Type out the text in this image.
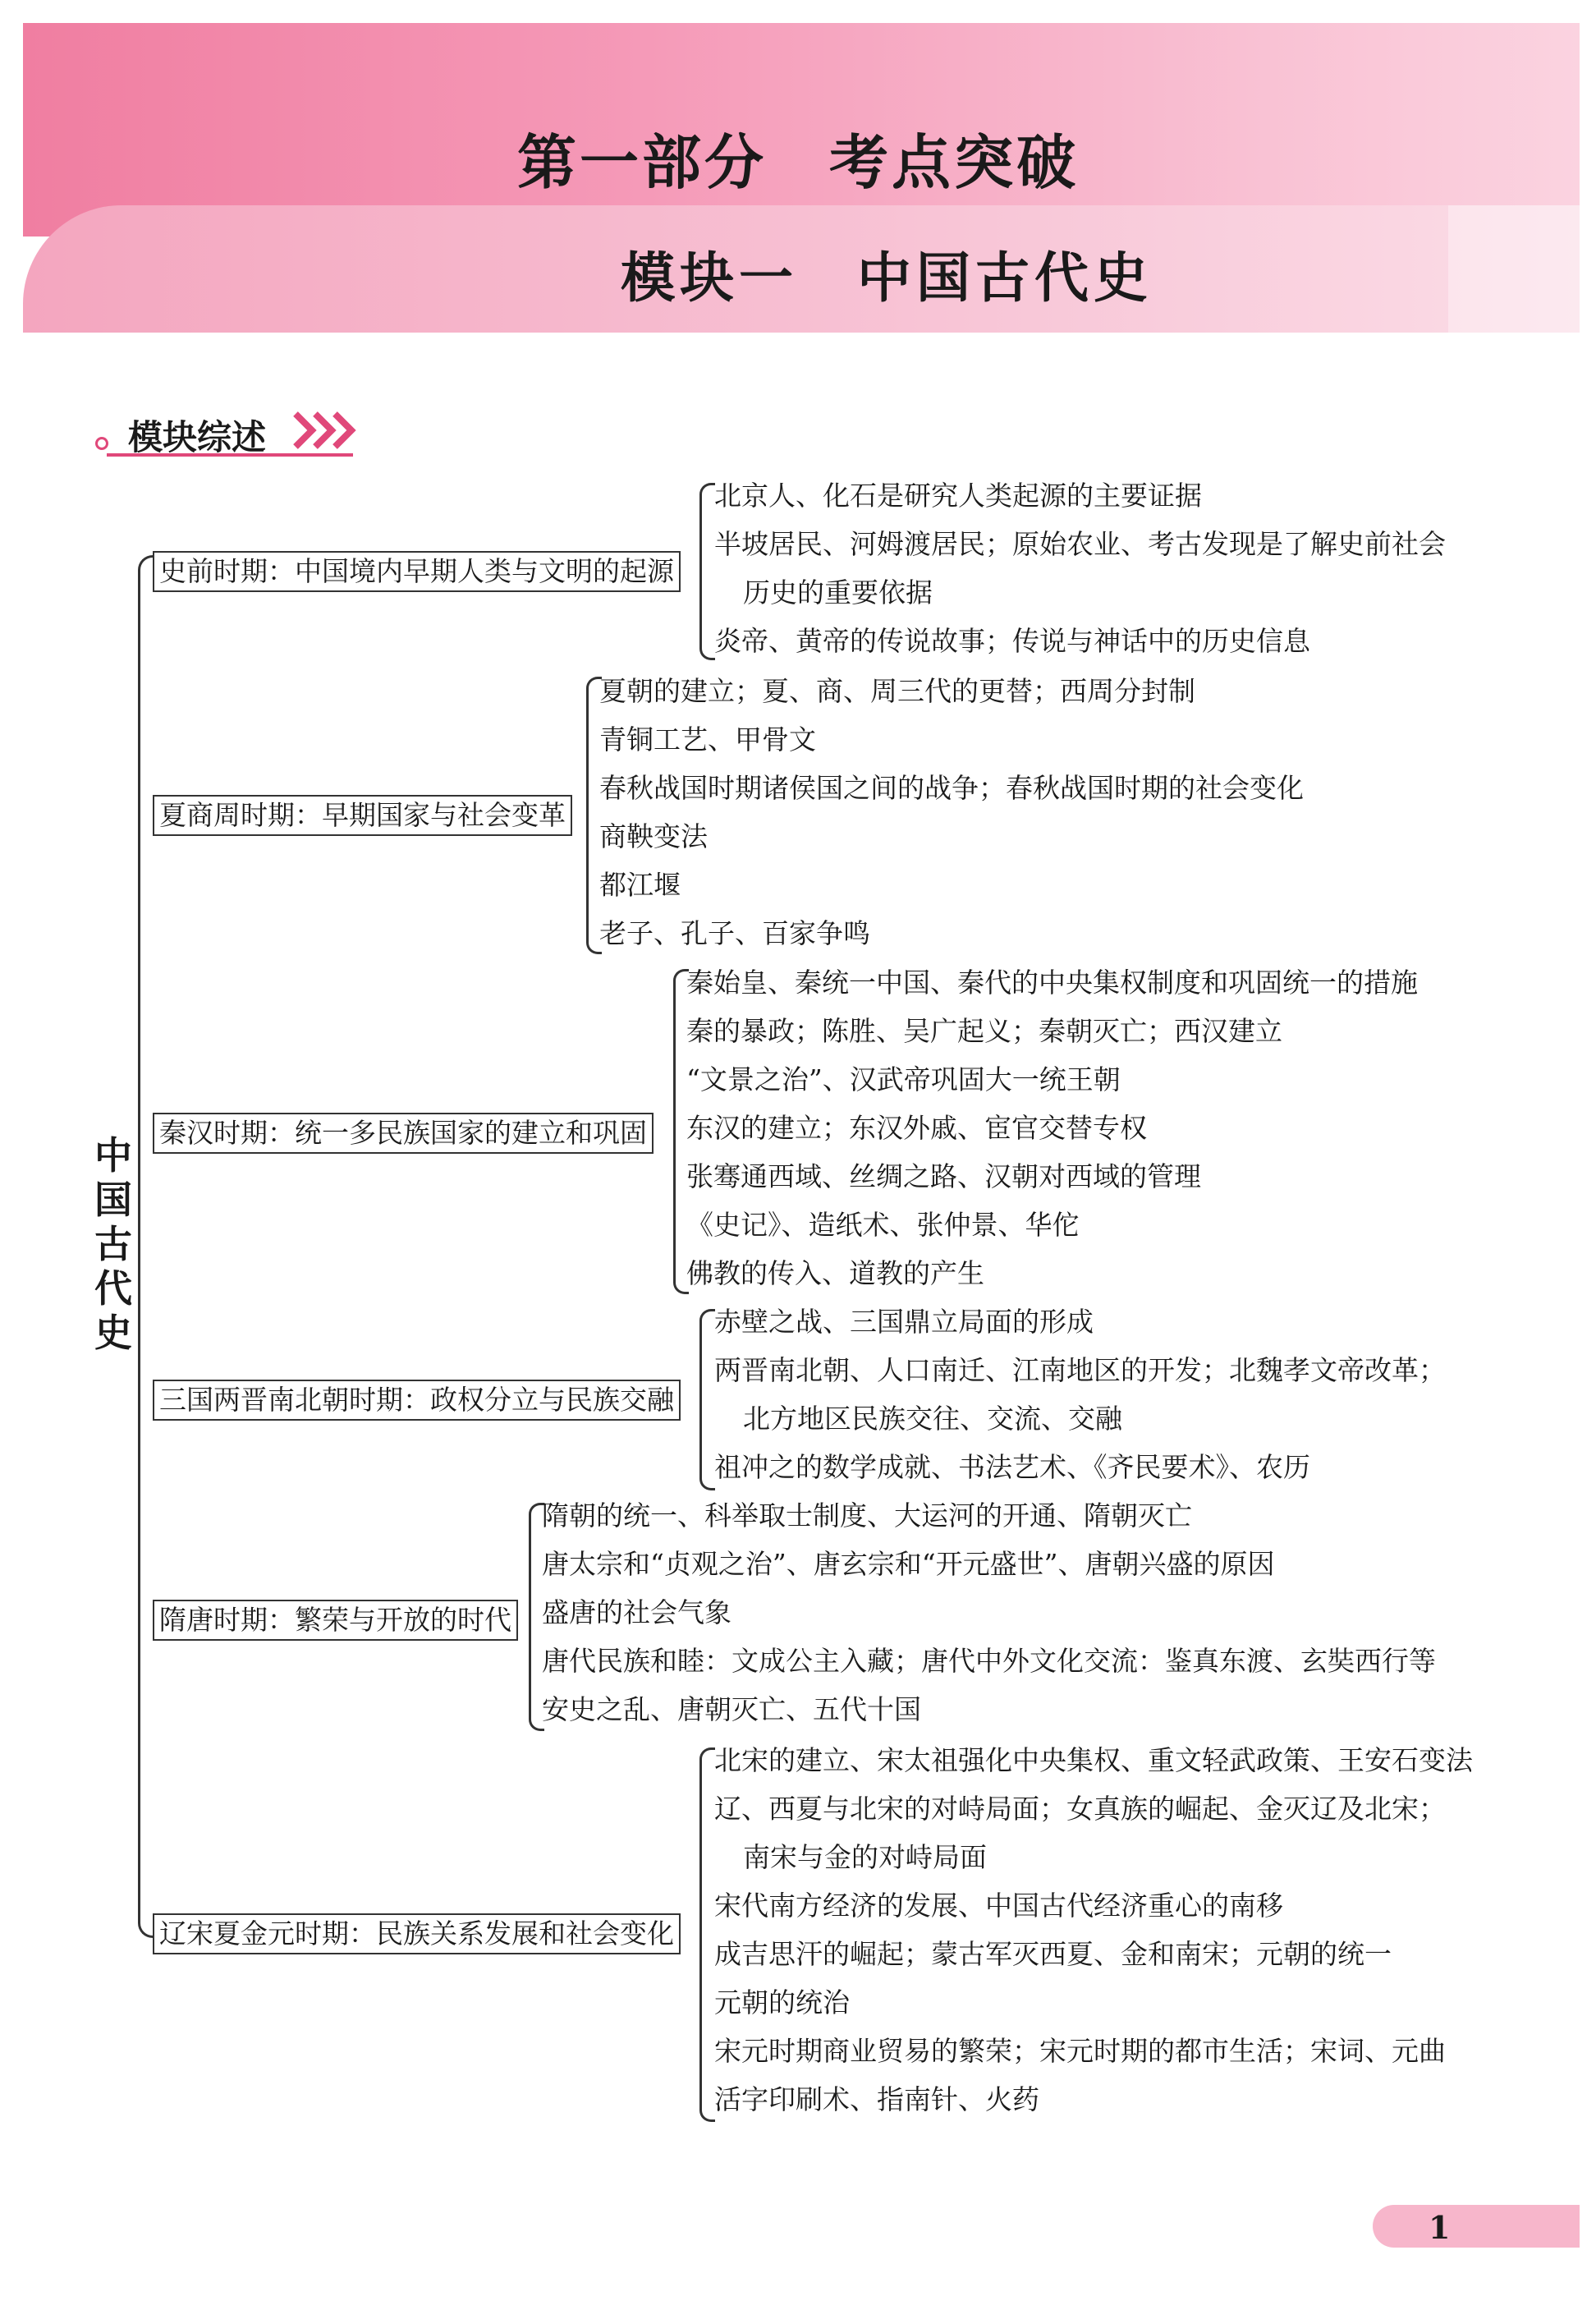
第一部分　考点突破
模块一　中国古代史
模块综述
中国古代史
史前时期：中国境内早期人类与文明的起源
北京人、化石是研究人类起源的主要证据
半坡居民、河姆渡居民；原始农业、考古发现是了解史前社会
历史的重要依据
炎帝、黄帝的传说故事；传说与神话中的历史信息
夏商周时期：早期国家与社会变革
夏朝的建立；夏、商、周三代的更替；西周分封制
青铜工艺、甲骨文
春秋战国时期诸侯国之间的战争；春秋战国时期的社会变化
商鞅变法
都江堰
老子、孔子、百家争鸣
秦汉时期：统一多民族国家的建立和巩固
秦始皇、秦统一中国、秦代的中央集权制度和巩固统一的措施
秦的暴政；陈胜、吴广起义；秦朝灭亡；西汉建立
“文景之治”、汉武帝巩固大一统王朝
东汉的建立；东汉外戚、宦官交替专权
张骞通西域、丝绸之路、汉朝对西域的管理
《史记》、造纸术、张仲景、华佗
佛教的传入、道教的产生
三国两晋南北朝时期：政权分立与民族交融
赤壁之战、三国鼎立局面的形成
两晋南北朝、人口南迁、江南地区的开发；北魏孝文帝改革；
北方地区民族交往、交流、交融
祖冲之的数学成就、书法艺术、《齐民要术》、农历
隋唐时期：繁荣与开放的时代
隋朝的统一、科举取士制度、大运河的开通、隋朝灭亡
唐太宗和“贞观之治”、唐玄宗和“开元盛世”、唐朝兴盛的原因
盛唐的社会气象
唐代民族和睦：文成公主入藏；唐代中外文化交流：鉴真东渡、玄奘西行等
安史之乱、唐朝灭亡、五代十国
辽宋夏金元时期：民族关系发展和社会变化
北宋的建立、宋太祖强化中央集权、重文轻武政策、王安石变法
辽、西夏与北宋的对峙局面；女真族的崛起、金灭辽及北宋；
南宋与金的对峙局面
宋代南方经济的发展、中国古代经济重心的南移
成吉思汗的崛起；蒙古军灭西夏、金和南宋；元朝的统一
元朝的统治
宋元时期商业贸易的繁荣；宋元时期的都市生活；宋词、元曲
活字印刷术、指南针、火药
1
